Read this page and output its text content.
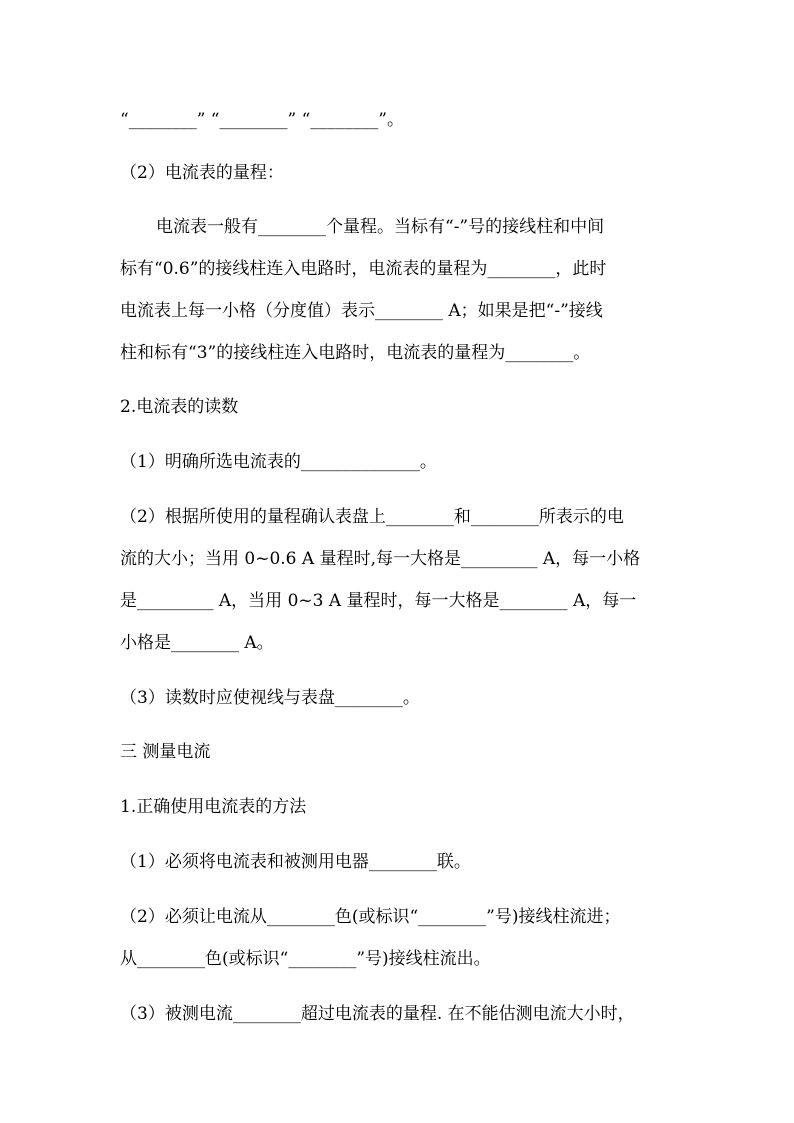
“________” “________” “________”。
（2）电流表的量程：
电流表一般有________个量程。当标有“-”号的接线柱和中间
标有“0.6”的接线柱连入电路时，电流表的量程为________，此时
电流表上每一小格（分度值）表示________ A；如果是把“-”接线
柱和标有“3”的接线柱连入电路时，电流表的量程为________。
2.电流表的读数
（1）明确所选电流表的______________。
（2）根据所使用的量程确认表盘上________和________所表示的电
流的大小；当用 0~0.6 A 量程时,每一大格是_________ A，每一小格
是_________ A，当用 0~3 A 量程时，每一大格是________ A，每一
小格是________ A。
（3）读数时应使视线与表盘________。
三 测量电流
1.正确使用电流表的方法
（1）必须将电流表和被测用电器________联。
（2）必须让电流从________色(或标识“________”号)接线柱流进；
从________色(或标识“________”号)接线柱流出。
（3）被测电流________超过电流表的量程. 在不能估测电流大小时，
